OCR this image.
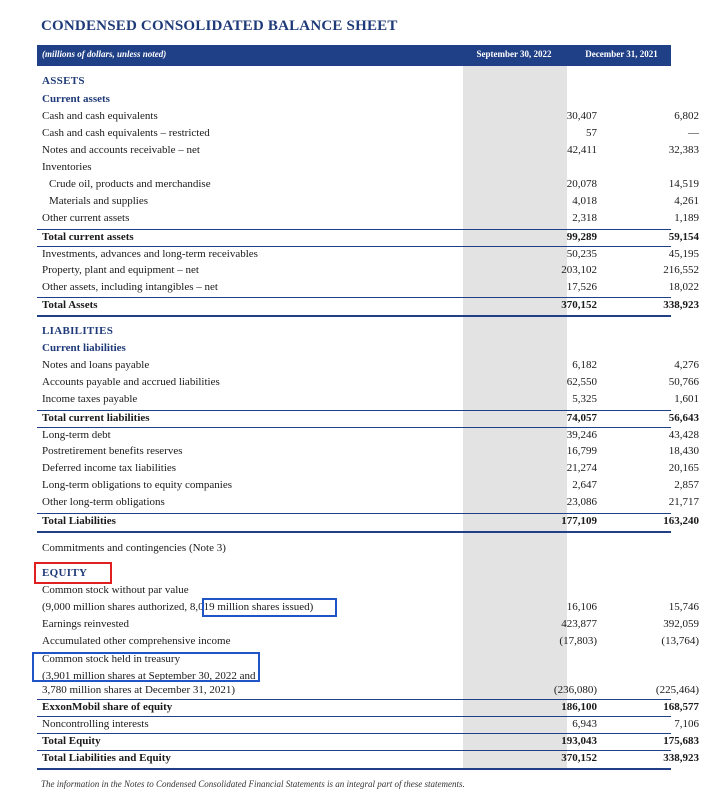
CONDENSED CONSOLIDATED BALANCE SHEET
(millions of dollars, unless noted)	September 30, 2022	December 31, 2021
ASSETS
Current assets
Cash and cash equivalents	30,407	6,802
Cash and cash equivalents – restricted	57	—
Notes and accounts receivable – net	42,411	32,383
Inventories
Crude oil, products and merchandise	20,078	14,519
Materials and supplies	4,018	4,261
Other current assets	2,318	1,189
Total current assets	99,289	59,154
Investments, advances and long-term receivables	50,235	45,195
Property, plant and equipment – net	203,102	216,552
Other assets, including intangibles – net	17,526	18,022
Total Assets	370,152	338,923
LIABILITIES
Current liabilities
Notes and loans payable	6,182	4,276
Accounts payable and accrued liabilities	62,550	50,766
Income taxes payable	5,325	1,601
Total current liabilities	74,057	56,643
Long-term debt	39,246	43,428
Postretirement benefits reserves	16,799	18,430
Deferred income tax liabilities	21,274	20,165
Long-term obligations to equity companies	2,647	2,857
Other long-term obligations	23,086	21,717
Total Liabilities	177,109	163,240
Commitments and contingencies (Note 3)
EQUITY
Common stock without par value
(9,000 million shares authorized, 8,019 million shares issued)	16,106	15,746
Earnings reinvested	423,877	392,059
Accumulated other comprehensive income	(17,803)	(13,764)
Common stock held in treasury
(3,901 million shares at September 30, 2022 and
3,780 million shares at December 31, 2021)	(236,080)	(225,464)
ExxonMobil share of equity	186,100	168,577
Noncontrolling interests	6,943	7,106
Total Equity	193,043	175,683
Total Liabilities and Equity	370,152	338,923
The information in the Notes to Condensed Consolidated Financial Statements is an integral part of these statements.
